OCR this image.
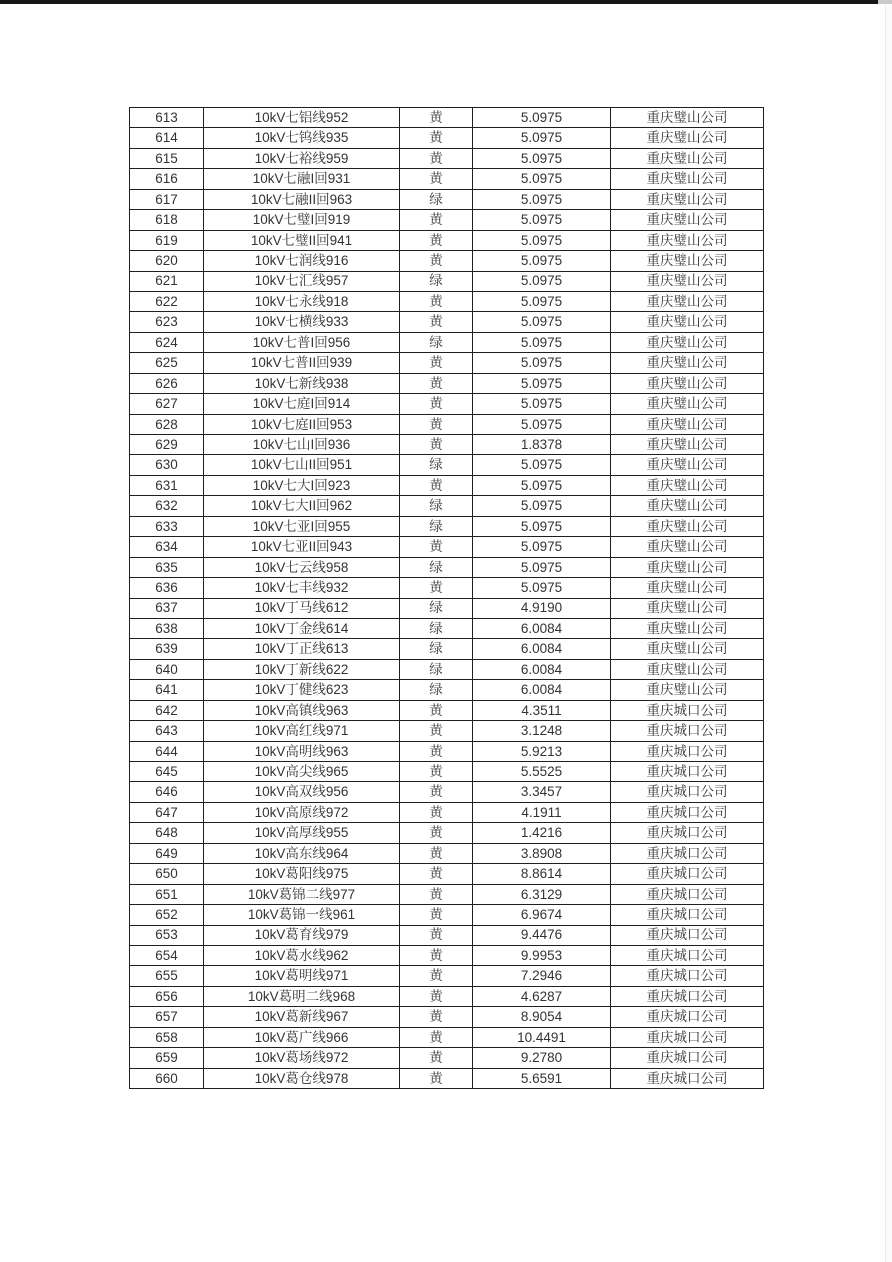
613	10kV七铝线952	黄	5.0975	重庆璧山公司
614	10kV七钨线935	黄	5.0975	重庆璧山公司
615	10kV七裕线959	黄	5.0975	重庆璧山公司
616	10kV七融I回931	黄	5.0975	重庆璧山公司
617	10kV七融II回963	绿	5.0975	重庆璧山公司
618	10kV七璧I回919	黄	5.0975	重庆璧山公司
619	10kV七璧II回941	黄	5.0975	重庆璧山公司
620	10kV七润线916	黄	5.0975	重庆璧山公司
621	10kV七汇线957	绿	5.0975	重庆璧山公司
622	10kV七永线918	黄	5.0975	重庆璧山公司
623	10kV七横线933	黄	5.0975	重庆璧山公司
624	10kV七普I回956	绿	5.0975	重庆璧山公司
625	10kV七普II回939	黄	5.0975	重庆璧山公司
626	10kV七新线938	黄	5.0975	重庆璧山公司
627	10kV七庭I回914	黄	5.0975	重庆璧山公司
628	10kV七庭II回953	黄	5.0975	重庆璧山公司
629	10kV七山I回936	黄	1.8378	重庆璧山公司
630	10kV七山II回951	绿	5.0975	重庆璧山公司
631	10kV七大I回923	黄	5.0975	重庆璧山公司
632	10kV七大II回962	绿	5.0975	重庆璧山公司
633	10kV七亚I回955	绿	5.0975	重庆璧山公司
634	10kV七亚II回943	黄	5.0975	重庆璧山公司
635	10kV七云线958	绿	5.0975	重庆璧山公司
636	10kV七丰线932	黄	5.0975	重庆璧山公司
637	10kV丁马线612	绿	4.9190	重庆璧山公司
638	10kV丁金线614	绿	6.0084	重庆璧山公司
639	10kV丁正线613	绿	6.0084	重庆璧山公司
640	10kV丁新线622	绿	6.0084	重庆璧山公司
641	10kV丁健线623	绿	6.0084	重庆璧山公司
642	10kV高镇线963	黄	4.3511	重庆城口公司
643	10kV高红线971	黄	3.1248	重庆城口公司
644	10kV高明线963	黄	5.9213	重庆城口公司
645	10kV高尖线965	黄	5.5525	重庆城口公司
646	10kV高双线956	黄	3.3457	重庆城口公司
647	10kV高原线972	黄	4.1911	重庆城口公司
648	10kV高厚线955	黄	1.4216	重庆城口公司
649	10kV高东线964	黄	3.8908	重庆城口公司
650	10kV葛阳线975	黄	8.8614	重庆城口公司
651	10kV葛锦二线977	黄	6.3129	重庆城口公司
652	10kV葛锦一线961	黄	6.9674	重庆城口公司
653	10kV葛育线979	黄	9.4476	重庆城口公司
654	10kV葛水线962	黄	9.9953	重庆城口公司
655	10kV葛明线971	黄	7.2946	重庆城口公司
656	10kV葛明二线968	黄	4.6287	重庆城口公司
657	10kV葛新线967	黄	8.9054	重庆城口公司
658	10kV葛广线966	黄	10.4491	重庆城口公司
659	10kV葛场线972	黄	9.2780	重庆城口公司
660	10kV葛仓线978	黄	5.6591	重庆城口公司
